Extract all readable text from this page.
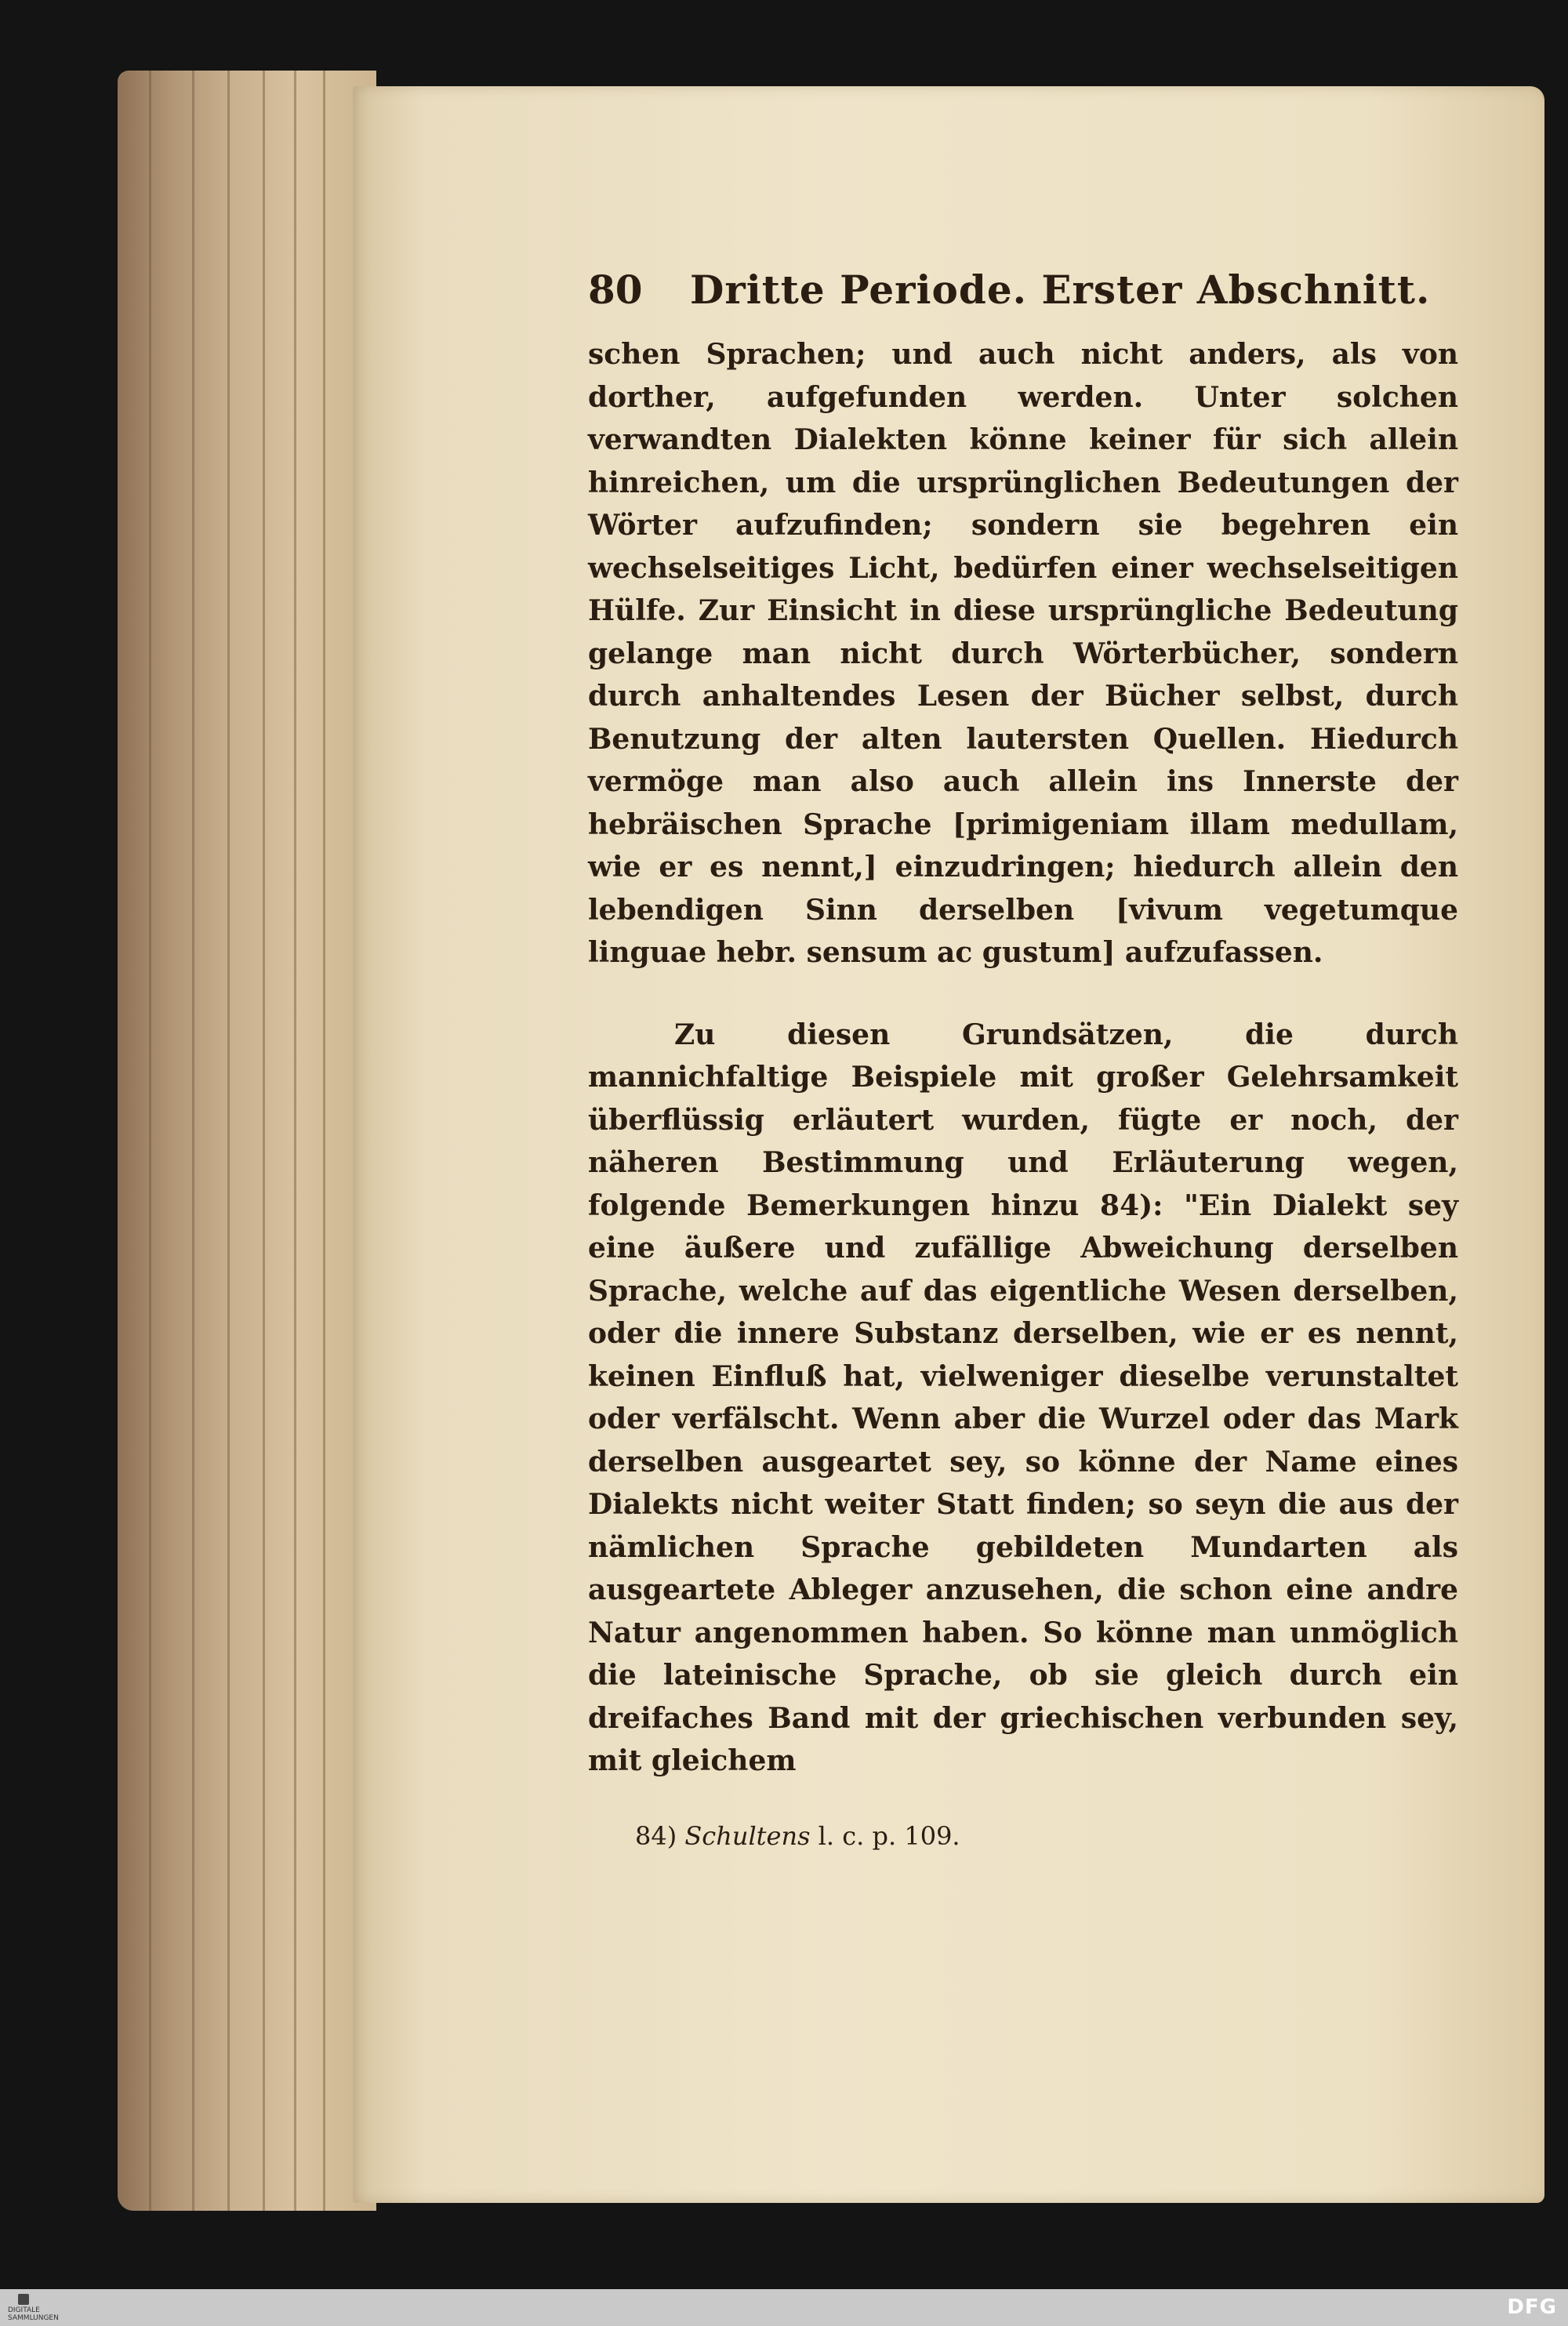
80	Dritte Periode. Erster Abschnitt.

schen Sprachen; und auch nicht anders, als von dorther, aufgefunden werden. Unter solchen verwandten Dialekten könne keiner für sich allein hinreichen, um die ursprünglichen Bedeutungen der Wörter aufzufinden; sondern sie begehren ein wechselseitiges Licht, bedürfen einer wechselseitigen Hülfe. Zur Einsicht in diese ursprüngliche Bedeutung gelange man nicht durch Wörterbücher, sondern durch anhaltendes Lesen der Bücher selbst, durch Benutzung der alten lautersten Quellen. Hiedurch vermöge man also auch allein ins Innerste der hebräischen Sprache [primigeniam illam medullam, wie er es nennt,] einzudringen; hiedurch allein den lebendigen Sinn derselben [vivum vegetumque linguae hebr. sensum ac gustum] aufzufassen.

Zu diesen Grundsätzen, die durch mannichfaltige Beispiele mit großer Gelehrsamkeit überflüssig erläutert wurden, fügte er noch, der näheren Bestimmung und Erläuterung wegen, folgende Bemerkungen hinzu 84): "Ein Dialekt sey eine äußere und zufällige Abweichung derselben Sprache, welche auf das eigentliche Wesen derselben, oder die innere Substanz derselben, wie er es nennt, keinen Einfluß hat, vielweniger dieselbe verunstaltet oder verfälscht. Wenn aber die Wurzel oder das Mark derselben ausgeartet sey, so könne der Name eines Dialekts nicht weiter Statt finden; so seyn die aus der nämlichen Sprache gebildeten Mundarten als ausgeartete Ableger anzusehen, die schon eine andre Natur angenommen haben. So könne man unmöglich die lateinische Sprache, ob sie gleich durch ein dreifaches Band mit der griechischen verbunden sey, mit gleichem

84) Schultens l. c. p. 109.
DIGITALE SAMMLUNGEN	DFG
